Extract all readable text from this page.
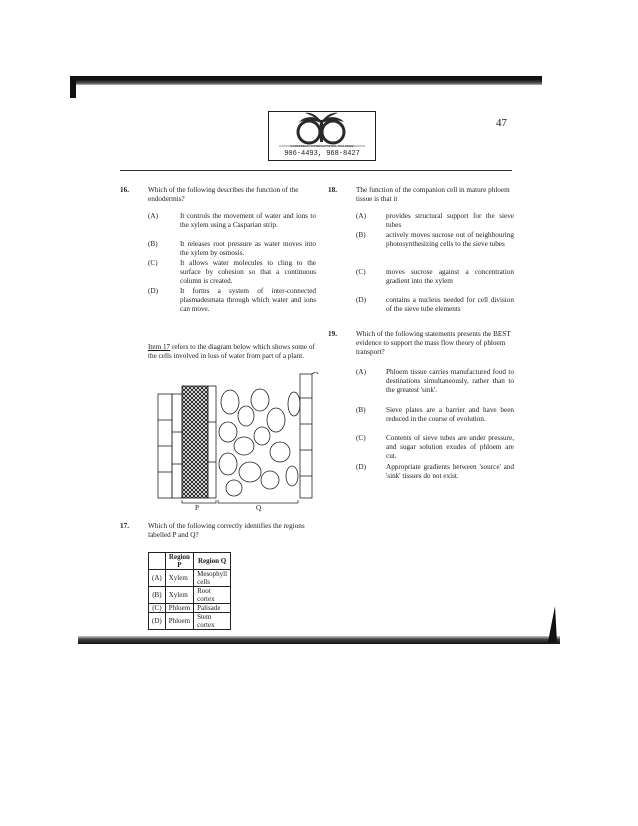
47
CARIBBEAN INTERNATIONAL COLLEGE
906-4493, 968-8427
16.	Which of the following describes the function of the endodermis?
(A)	It controls the movement of water and ions to the xylem using a Casparian strip.
(B)	It releases root pressure as water moves into the xylem by osmosis.
(C)	It allows water molecules to cling to the surface by cohesion so that a continuous column is created.
(D)	It forms a system of inter-connected plasmadesmata through which water and ions can move.
Item 17 refers to the diagram below which shows some of the cells involved in loss of water from part of a plant.
P	Q
17.	Which of the following correctly identifies the regions labelled P and Q?
	Region P	Region Q
(A)	Xylem	Mesophyll cells
(B)	Xylem	Root cortex
(C)	Phloem	Palisade
(D)	Phloem	Stem cortex
18.	The function of the companion cell in mature phloem tissue is that it
(A)	provides structural support for the sieve tubes
(B)	actively moves sucrose out of neighbouring photosynthesizing cells to the sieve tubes
(C)	moves sucrose against a concentration gradient into the xylem
(D)	contains a nucleus needed for cell division of the sieve tube elements
19.	Which of the following statements presents the BEST evidence to support the mass flow theory of phloem transport?
(A)	Phloem tissue carries manufactured food to destinations simultaneously, rather than to the greatest 'sink'.
(B)	Sieve plates are a barrier and have been reduced in the course of evolution.
(C)	Contents of sieve tubes are under pressure, and sugar solution exudes of phloem are cut.
(D)	Appropriate gradients between 'source' and 'sink' tissues do not exist.
